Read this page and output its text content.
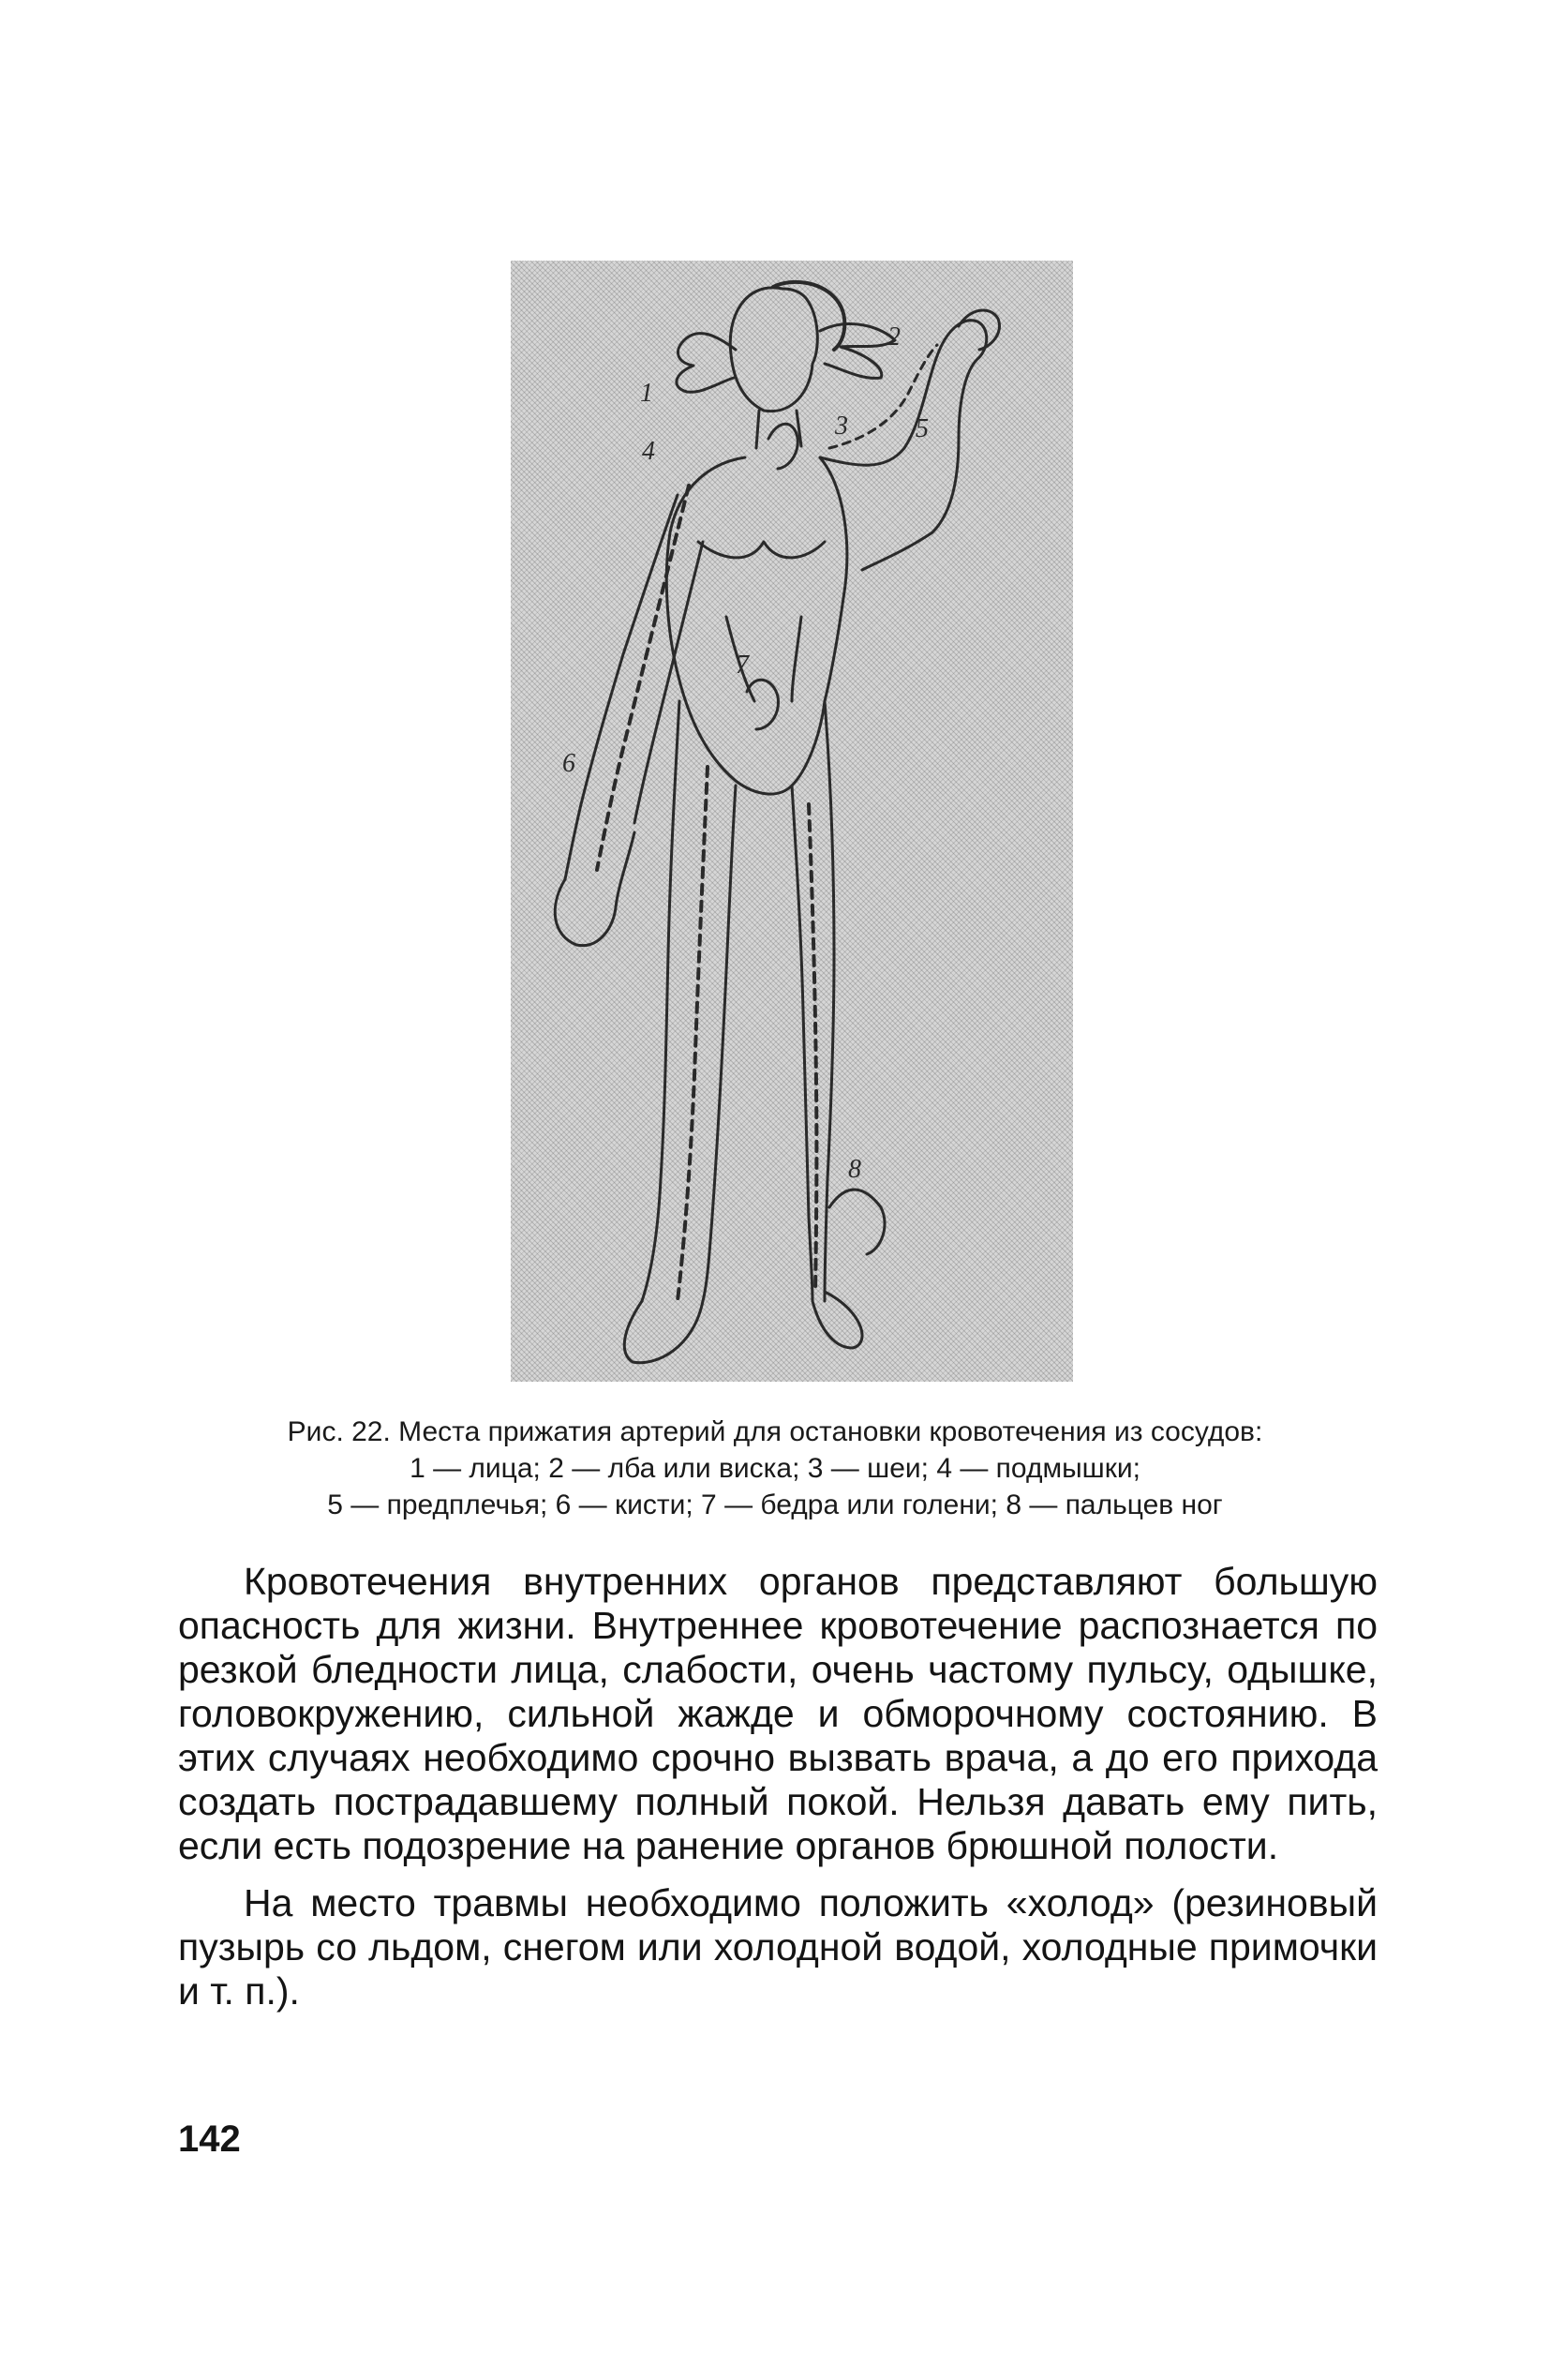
1
2
3
4
5
6
7
8
Рис. 22. Места прижатия артерий для остановки кровотечения из сосудов:
1 — лица; 2 — лба или виска; 3 — шеи; 4 — подмышки;
5 — предплечья; 6 — кисти; 7 — бедра или голени; 8 — пальцев ног

Кровотечения внутренних органов представляют большую опасность для жизни. Внутреннее кровотечение распознается по резкой бледности лица, слабости, очень частому пульсу, одышке, головокружению, сильной жажде и обморочному состоянию. В этих случаях необходимо срочно вызвать врача, а до его прихода создать пострадавшему полный покой. Нельзя давать ему пить, если есть подозрение на ранение органов брюшной полости.

На место травмы необходимо положить «холод» (резиновый пузырь со льдом, снегом или холодной водой, холодные примочки и т. п.).

142
